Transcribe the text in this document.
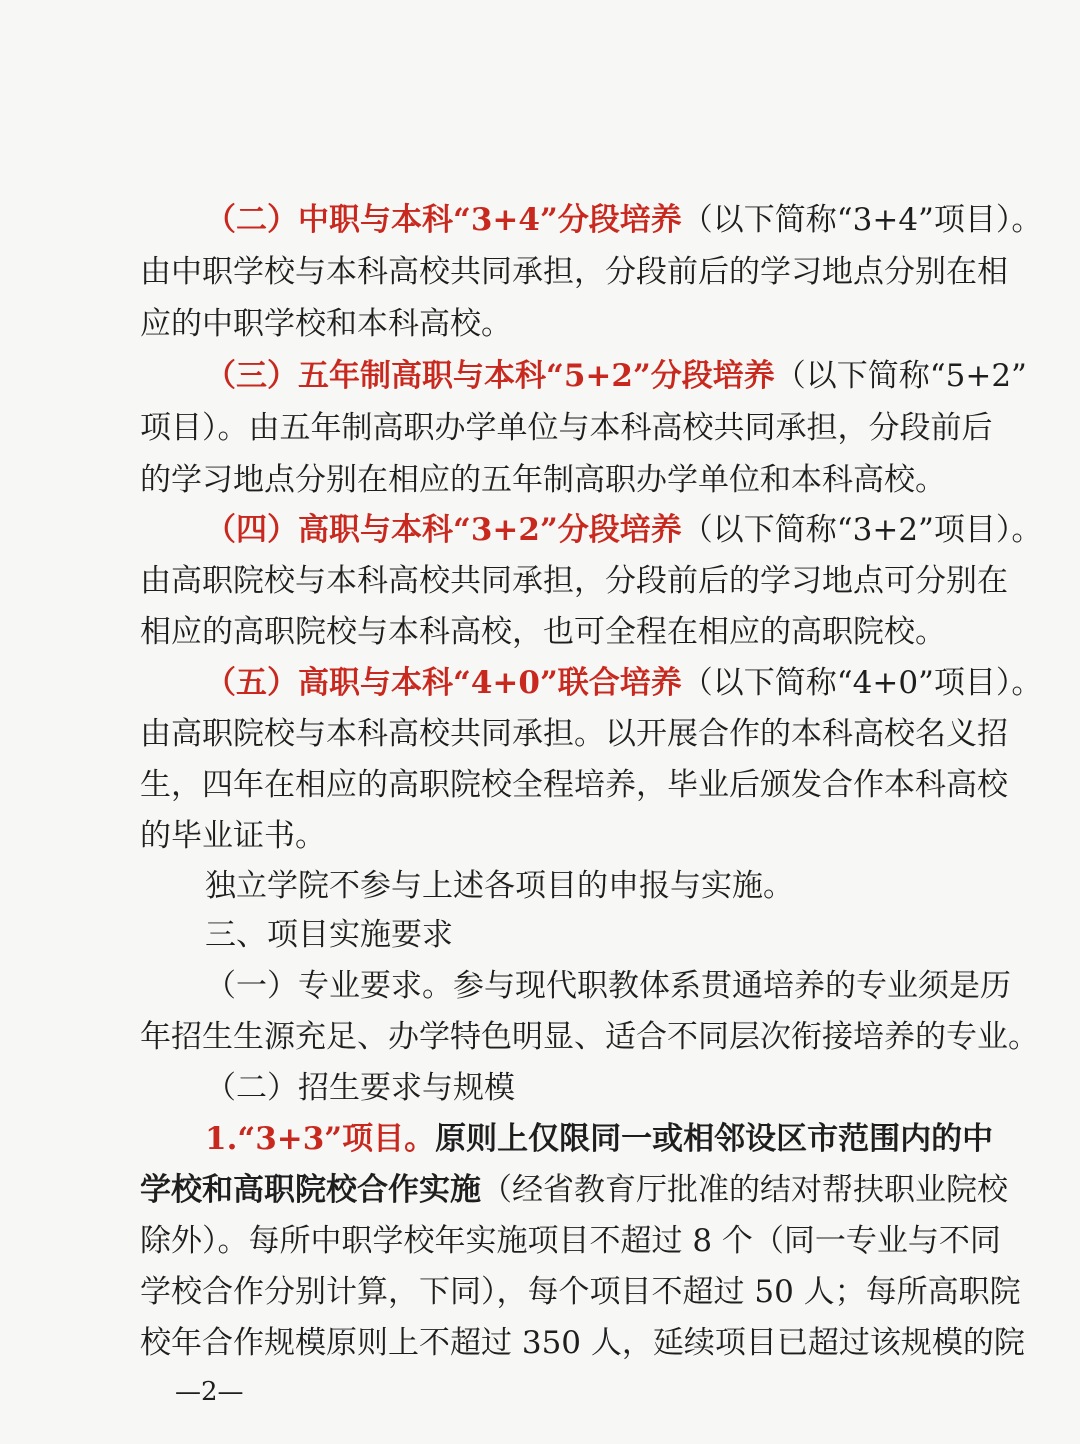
（二）中职与本科“3+4”分段培养（以下简称“3+4”项目）。
由中职学校与本科高校共同承担，分段前后的学习地点分别在相
应的中职学校和本科高校。
（三）五年制高职与本科“5+2”分段培养（以下简称“5+2”
项目）。由五年制高职办学单位与本科高校共同承担，分段前后
的学习地点分别在相应的五年制高职办学单位和本科高校。
（四）高职与本科“3+2”分段培养（以下简称“3+2”项目）。
由高职院校与本科高校共同承担，分段前后的学习地点可分别在
相应的高职院校与本科高校，也可全程在相应的高职院校。
（五）高职与本科“4+0”联合培养（以下简称“4+0”项目）。
由高职院校与本科高校共同承担。以开展合作的本科高校名义招
生，四年在相应的高职院校全程培养，毕业后颁发合作本科高校
的毕业证书。
独立学院不参与上述各项目的申报与实施。
三、项目实施要求
（一）专业要求。参与现代职教体系贯通培养的专业须是历
年招生生源充足、办学特色明显、适合不同层次衔接培养的专业。
（二）招生要求与规模
1.“3+3”项目。原则上仅限同一或相邻设区市范围内的中
学校和高职院校合作实施（经省教育厅批准的结对帮扶职业院校
除外）。每所中职学校年实施项目不超过 8 个（同一专业与不同
学校合作分别计算，下同），每个项目不超过 50 人；每所高职院
校年合作规模原则上不超过 350 人，延续项目已超过该规模的院
—2—
